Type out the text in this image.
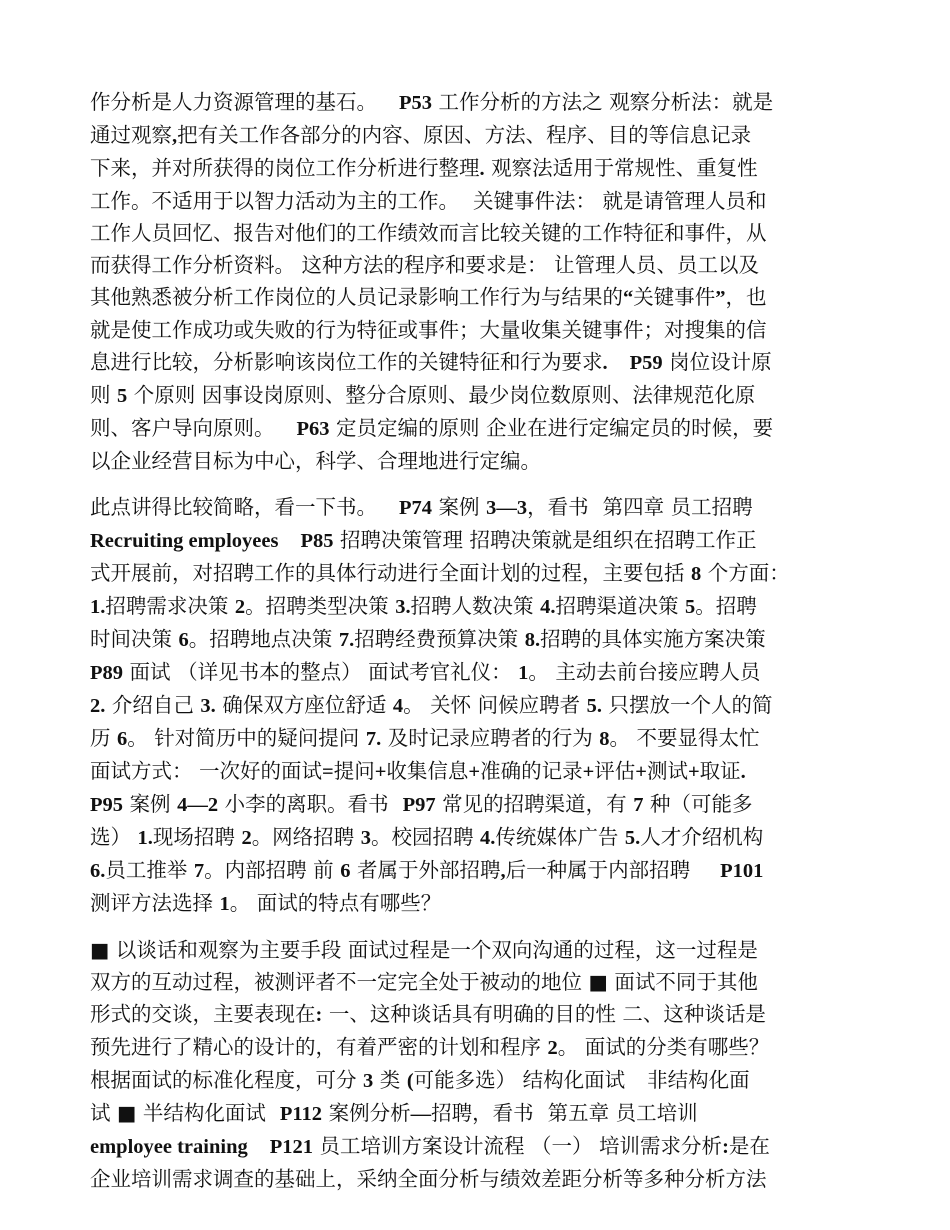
作分析是人力资源管理的基石。 P53 工作分析的方法之 观察分析法：就是
通过观察,把有关工作各部分的内容、原因、方法、程序、目的等信息记录
下来，并对所获得的岗位工作分析进行整理. 观察法适用于常规性、重复性
工作。不适用于以智力活动为主的工作。 关键事件法： 就是请管理人员和
工作人员回忆、报告对他们的工作绩效而言比较关键的工作特征和事件，从
而获得工作分析资料。 这种方法的程序和要求是： 让管理人员、员工以及
其他熟悉被分析工作岗位的人员记录影响工作行为与结果的“关键事件”，也
就是使工作成功或失败的行为特征或事件；大量收集关键事件；对搜集的信
息进行比较，分析影响该岗位工作的关键特征和行为要求. P59 岗位设计原
则 5 个原则 因事设岗原则、整分合原则、最少岗位数原则、法律规范化原
则、客户导向原则。 P63 定员定编的原则 企业在进行定编定员的时候，要
以企业经营目标为中心，科学、合理地进行定编。
此点讲得比较简略，看一下书。 P74 案例 3—3，看书 第四章 员工招聘
Recruiting employees P85 招聘决策管理 招聘决策就是组织在招聘工作正
式开展前，对招聘工作的具体行动进行全面计划的过程，主要包括 8 个方面：
1.招聘需求决策 2。招聘类型决策 3.招聘人数决策 4.招聘渠道决策 5。招聘
时间决策 6。招聘地点决策 7.招聘经费预算决策 8.招聘的具体实施方案决策
P89 面试 （详见书本的整点） 面试考官礼仪： 1。 主动去前台接应聘人员
2. 介绍自己 3. 确保双方座位舒适 4。 关怀 问候应聘者 5. 只摆放一个人的简
历 6。 针对简历中的疑问提问 7. 及时记录应聘者的行为 8。 不要显得太忙
面试方式： 一次好的面试=提问+收集信息+准确的记录+评估+测试+取证.
P95 案例 4—2 小李的离职。看书 P97 常见的招聘渠道，有 7 种（可能多
选） 1.现场招聘 2。网络招聘 3。校园招聘 4.传统媒体广告 5.人才介绍机构
6.员工推举 7。内部招聘 前 6 者属于外部招聘,后一种属于内部招聘 P101
测评方法选择 1。 面试的特点有哪些？
■ 以谈话和观察为主要手段 面试过程是一个双向沟通的过程，这一过程是
双方的互动过程，被测评者不一定完全处于被动的地位 ■ 面试不同于其他
形式的交谈，主要表现在: 一、这种谈话具有明确的目的性 二、这种谈话是
预先进行了精心的设计的，有着严密的计划和程序 2。 面试的分类有哪些？
根据面试的标准化程度，可分 3 类 (可能多选） 结构化面试 非结构化面
试 ■ 半结构化面试 P112 案例分析—招聘，看书 第五章 员工培训
employee training P121 员工培训方案设计流程 （一） 培训需求分析:是在
企业培训需求调查的基础上，采纳全面分析与绩效差距分析等多种分析方法
